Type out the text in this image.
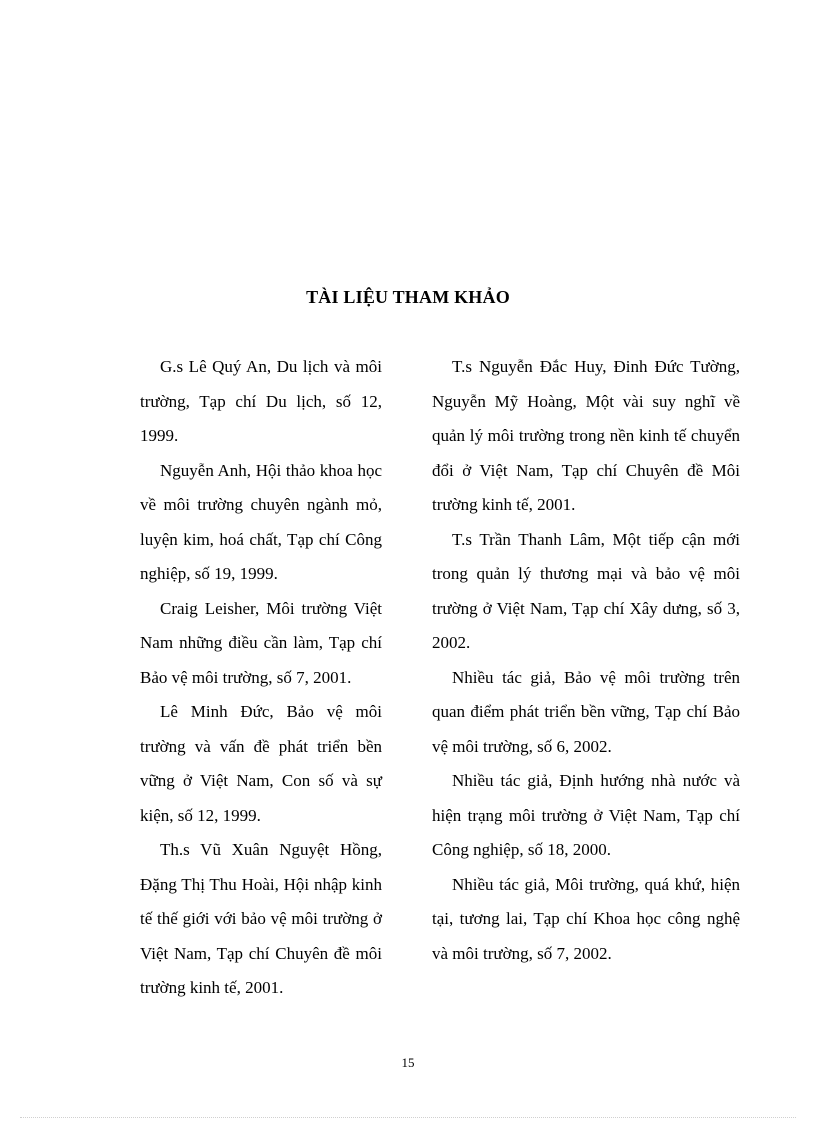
TÀI LIỆU THAM KHẢO

G.s Lê Quý An, Du lịch và môi trường, Tạp chí Du lịch, số 12, 1999.

Nguyễn Anh, Hội thảo khoa học về môi trường chuyên ngành mỏ, luyện kim, hoá chất, Tạp chí Công nghiệp, số 19, 1999.

Craig Leisher, Môi trường Việt Nam những điều cần làm, Tạp chí Bảo vệ môi trường, số 7, 2001.

Lê Minh Đức, Bảo vệ môi trường và vấn đề phát triển bền vững ở Việt Nam, Con số và sự kiện, số 12, 1999.

Th.s Vũ Xuân Nguyệt Hồng, Đặng Thị Thu Hoài, Hội nhập kinh tế thế giới với bảo vệ môi trường ở Việt Nam, Tạp chí Chuyên đề môi trường kinh tế, 2001.

T.s Nguyễn Đắc Huy, Đinh Đức Tường, Nguyễn Mỹ Hoàng, Một vài suy nghĩ về quản lý môi trường trong nền kinh tế chuyển đổi ở Việt Nam, Tạp chí Chuyên đề Môi trường kinh tế, 2001.

T.s Trần Thanh Lâm, Một tiếp cận mới trong quản lý thương mại và bảo vệ môi trường ở Việt Nam, Tạp chí Xây dưng, số 3, 2002.

Nhiều tác giả, Bảo vệ môi trường trên quan điểm phát triển bền vững, Tạp chí Bảo vệ môi trường, số 6, 2002.

Nhiều tác giả, Định hướng nhà nước và hiện trạng môi trường ở Việt Nam, Tạp chí Công nghiệp, số 18, 2000.

Nhiều tác giả, Môi trường, quá khứ, hiện tại, tương lai, Tạp chí Khoa học công nghệ và môi trường, số 7, 2002.

15
